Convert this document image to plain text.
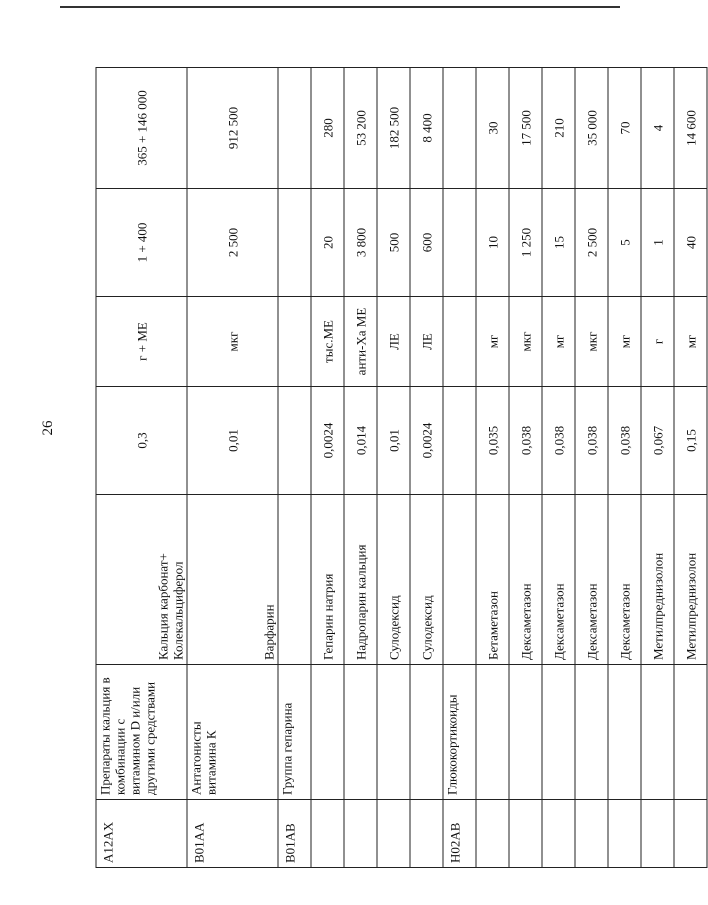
26
A12AX	Препараты кальция в комбинации с витамином D и/или другими средствами	Кальция карбонат+ Колекальциферол	0,3	г + МЕ	1 + 400	365 + 146 000
B01AA	Антагонисты витамина К	Варфарин	0,01	мкг	2 500	912 500
B01AB	Группа гепарина					
		Гепарин натрия	0,0024	тыс.МЕ	20	280
		Надропарин кальция	0,014	анти-Ха МЕ	3 800	53 200
		Сулодексид	0,01	ЛЕ	500	182 500
		Сулодексид	0,0024	ЛЕ	600	8 400
H02AB	Глюкокортикоиды					
		Бетаметазон	0,035	мг	10	30
		Дексаметазон	0,038	мкг	1 250	17 500
		Дексаметазон	0,038	мг	15	210
		Дексаметазон	0,038	мкг	2 500	35 000
		Дексаметазон	0,038	мг	5	70
		Метилпреднизолон	0,067	г	1	4
		Метилпреднизолон	0,15	мг	40	14 600
